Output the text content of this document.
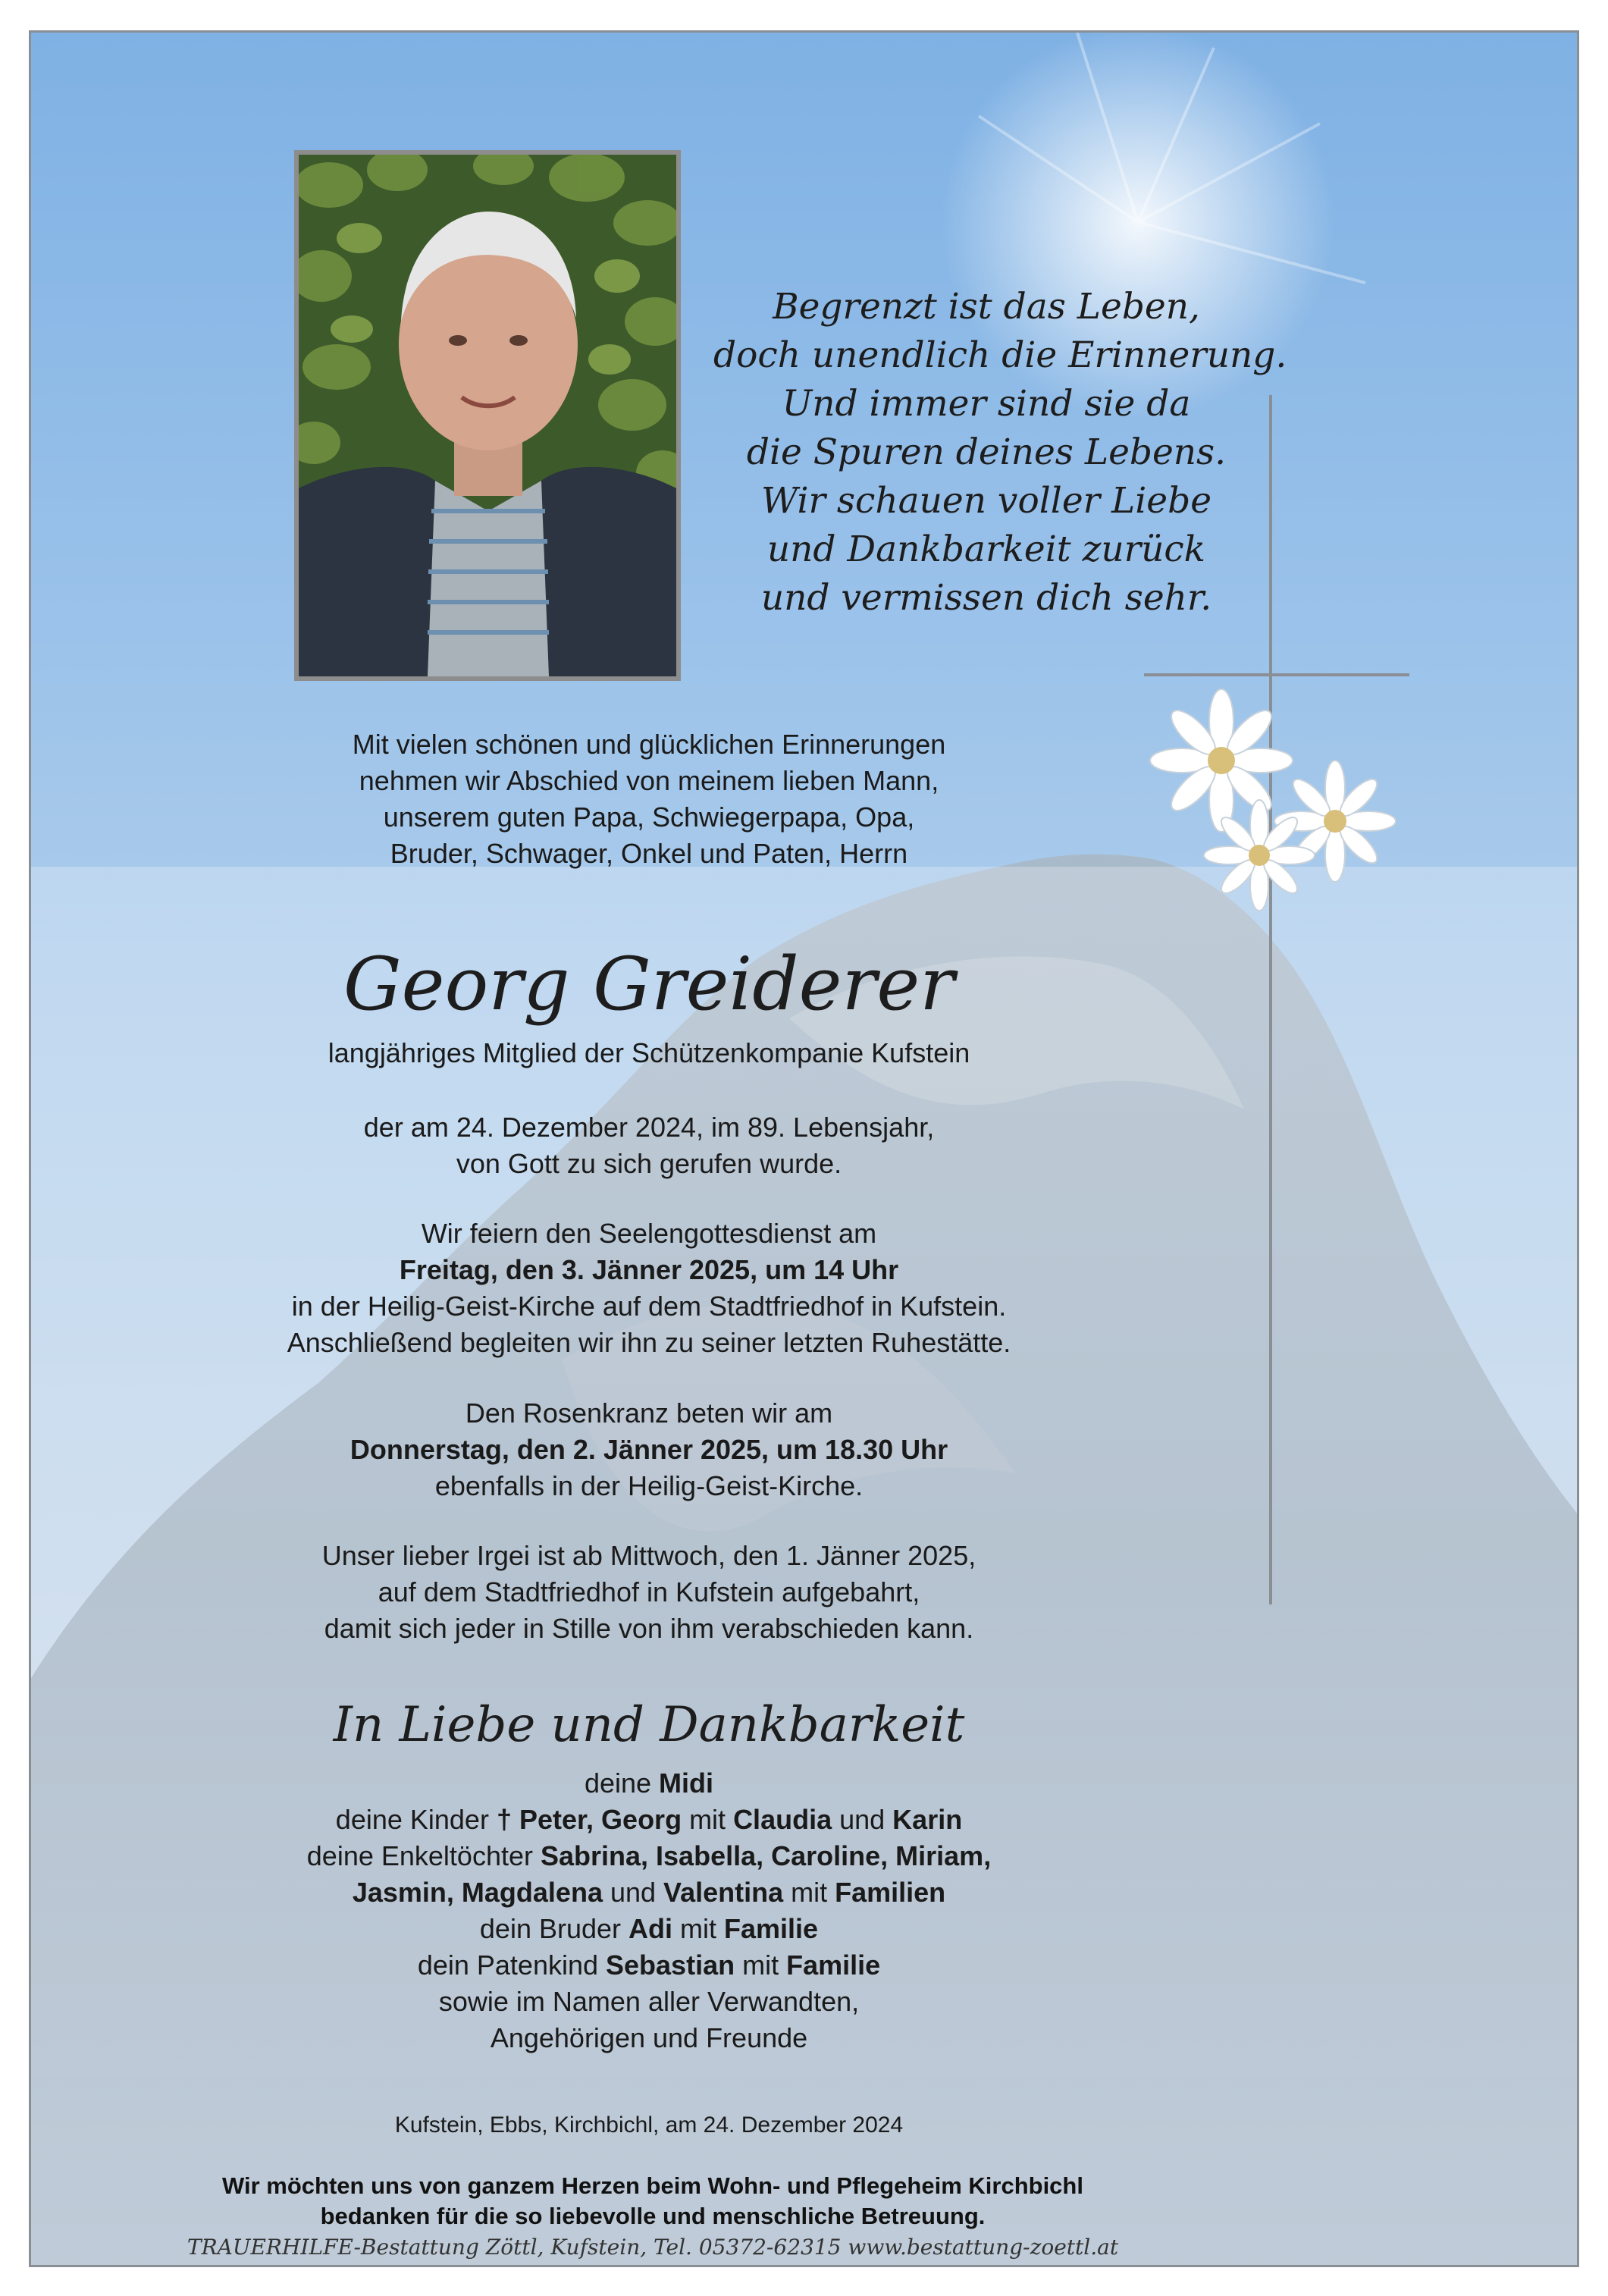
Begrenzt ist das Leben,
doch unendlich die Erinnerung.
Und immer sind sie da
die Spuren deines Lebens.
Wir schauen voller Liebe
und Dankbarkeit zurück
und vermissen dich sehr.
Mit vielen schönen und glücklichen Erinnerungen
nehmen wir Abschied von meinem lieben Mann,
unserem guten Papa, Schwiegerpapa, Opa,
Bruder, Schwager, Onkel und Paten, Herrn
Georg Greiderer
langjähriges Mitglied der Schützenkompanie Kufstein
der am 24. Dezember 2024, im 89. Lebensjahr,
von Gott zu sich gerufen wurde.
Wir feiern den Seelengottesdienst am
Freitag, den 3. Jänner 2025, um 14 Uhr
in der Heilig-Geist-Kirche auf dem Stadtfriedhof in Kufstein.
Anschließend begleiten wir ihn zu seiner letzten Ruhestätte.
Den Rosenkranz beten wir am
Donnerstag, den 2. Jänner 2025, um 18.30 Uhr
ebenfalls in der Heilig-Geist-Kirche.
Unser lieber Irgei ist ab Mittwoch, den 1. Jänner 2025,
auf dem Stadtfriedhof in Kufstein aufgebahrt,
damit sich jeder in Stille von ihm verabschieden kann.
In Liebe und Dankbarkeit
deine Midi
deine Kinder † Peter, Georg mit Claudia und Karin
deine Enkeltöchter Sabrina, Isabella, Caroline, Miriam,
Jasmin, Magdalena und Valentina mit Familien
dein Bruder Adi mit Familie
dein Patenkind Sebastian mit Familie
sowie im Namen aller Verwandten,
Angehörigen und Freunde
Kufstein, Ebbs, Kirchbichl, am 24. Dezember 2024
Wir möchten uns von ganzem Herzen beim Wohn- und Pflegeheim Kirchbichl
bedanken für die so liebevolle und menschliche Betreuung.
TRAUERHILFE-Bestattung Zöttl, Kufstein, Tel. 05372-62315 www.bestattung-zoettl.at
